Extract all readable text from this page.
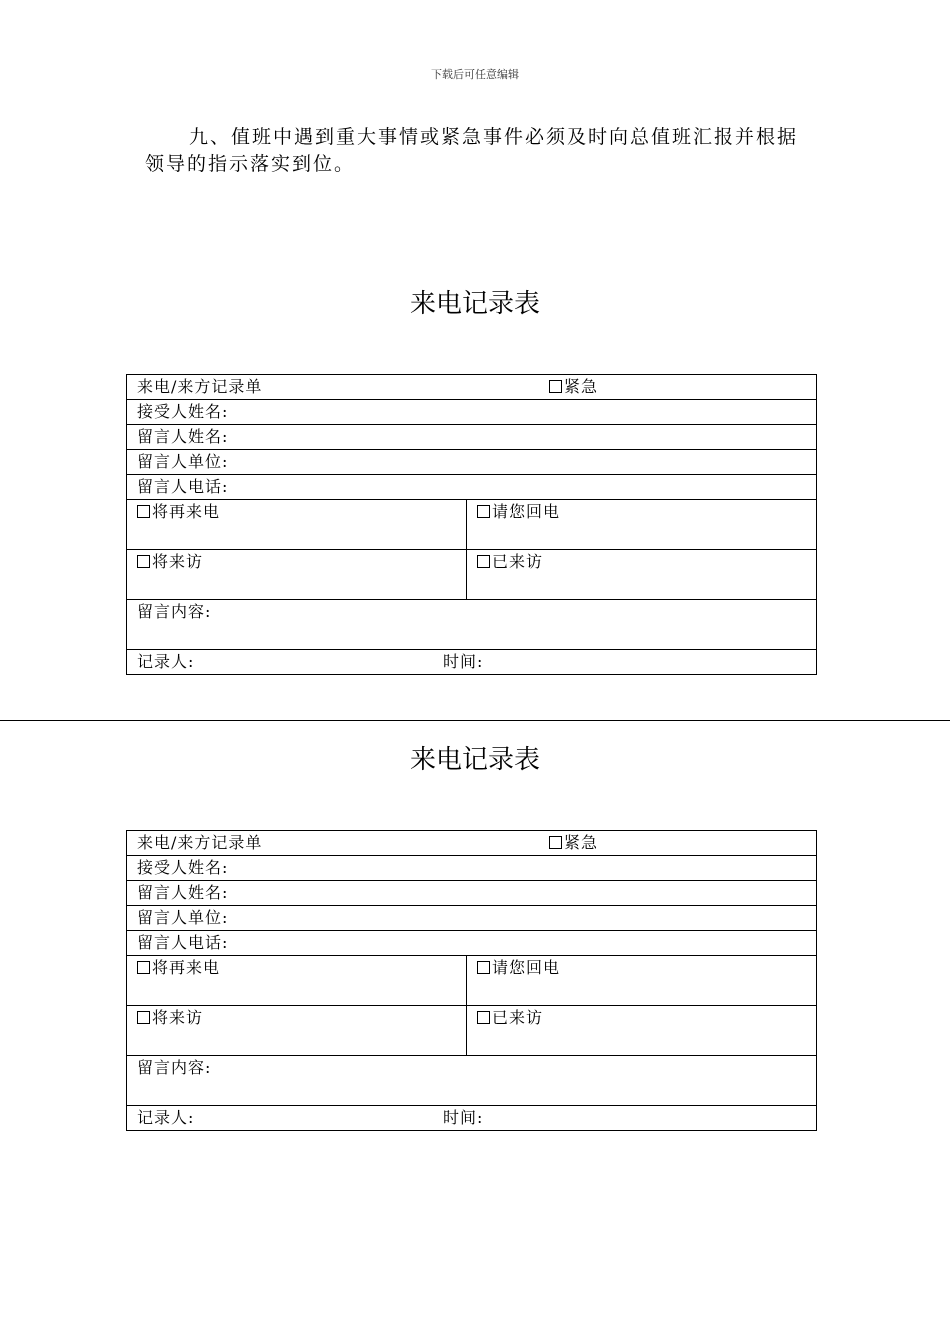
下载后可任意编辑
九、值班中遇到重大事情或紧急事件必须及时向总值班汇报并根据领导的指示落实到位。
来电记录表
来电/来方记录单 紧急	
接受人姓名:	
留言人姓名:	
留言人单位:	
留言人电话:	
将再来电	请您回电
将来访	已来访
留言内容:	
记录人: 时间:	
来电记录表
来电/来方记录单 紧急	
接受人姓名:	
留言人姓名:	
留言人单位:	
留言人电话:	
将再来电	请您回电
将来访	已来访
留言内容:	
记录人: 时间:	
